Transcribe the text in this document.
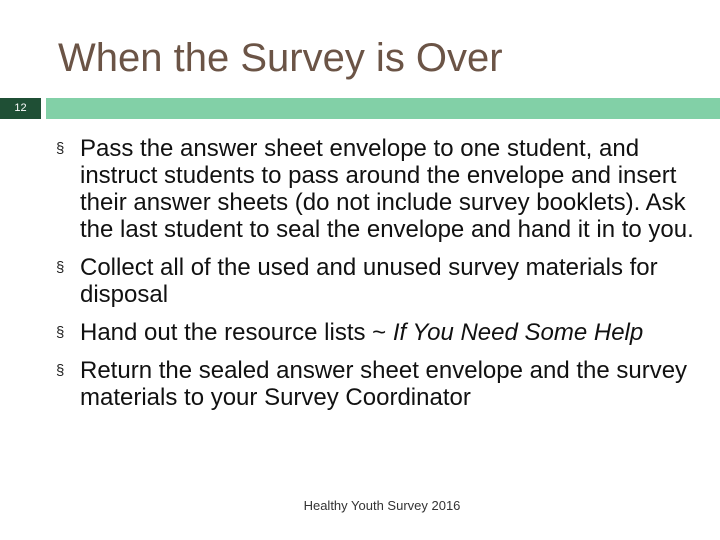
When the Survey is Over
12
§ Pass the answer sheet envelope to one student, and instruct students to pass around the envelope and insert their answer sheets (do not include survey booklets). Ask the last student to seal the envelope and hand it in to you.
§ Collect all of the used and unused survey materials for disposal
§ Hand out the resource lists ~ If You Need Some Help
§ Return the sealed answer sheet envelope and the survey materials to your Survey Coordinator
Healthy Youth Survey 2016
